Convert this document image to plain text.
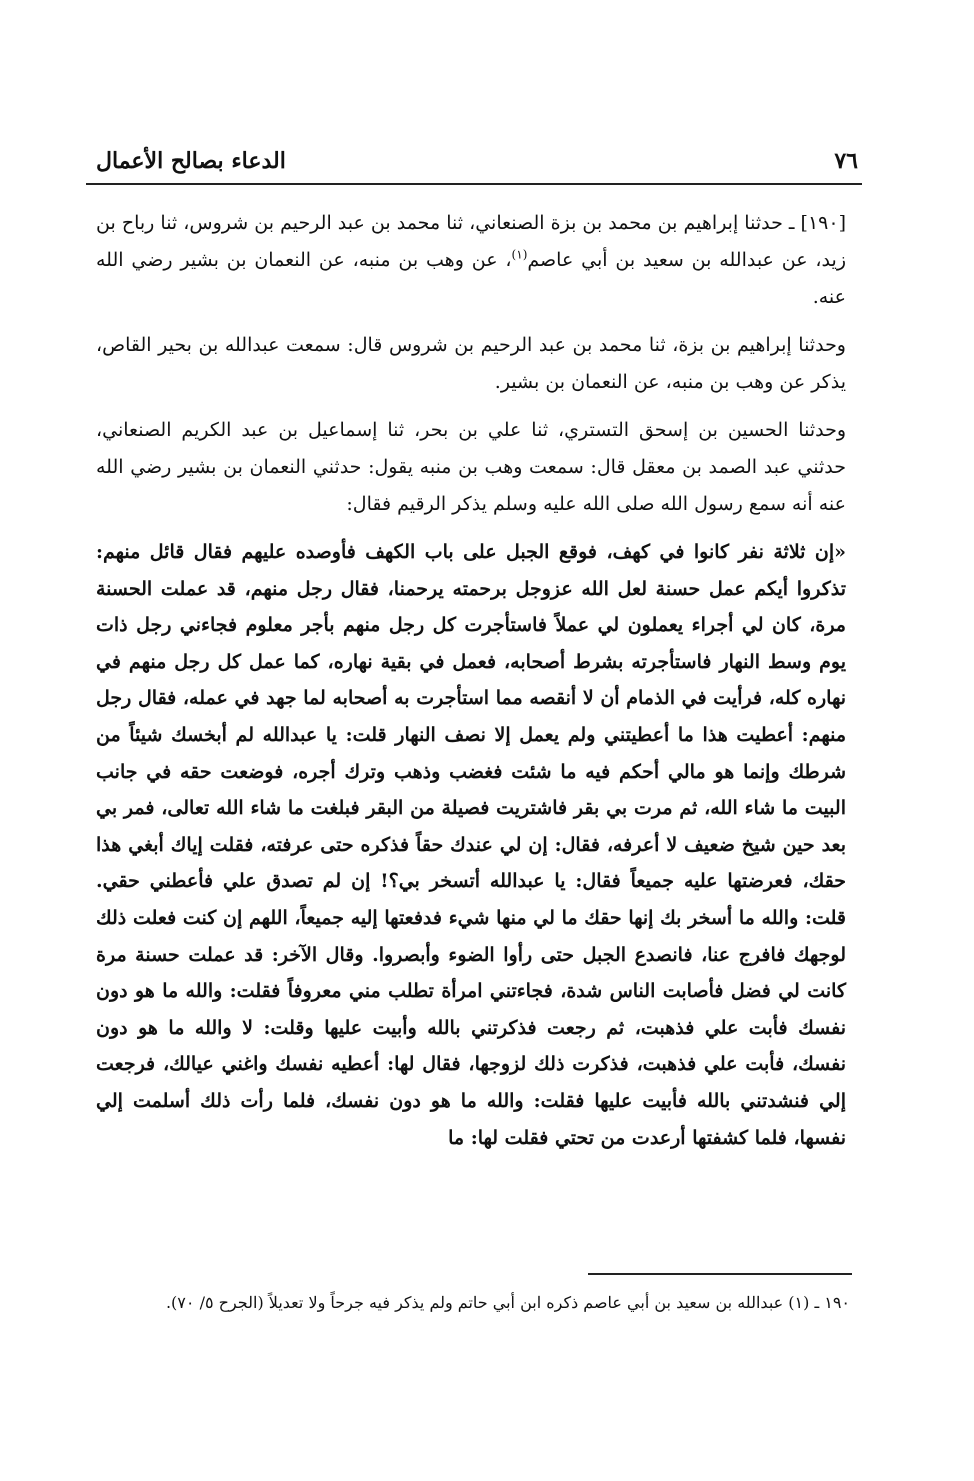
٧٦
الدعاء بصالح الأعمال

[١٩٠] ـ حدثنا إبراهيم بن محمد بن بزة الصنعاني، ثنا محمد بن عبد الرحيم بن شروس، ثنا رباح بن زيد، عن عبدالله بن سعيد بن أبي عاصم$^{(١)}$، عن وهب بن منبه، عن النعمان بن بشير رضي الله عنه.

وحدثنا إبراهيم بن بزة، ثنا محمد بن عبد الرحيم بن شروس قال: سمعت عبدالله بن بحير القاص، يذكر عن وهب بن منبه، عن النعمان بن بشير.

وحدثنا الحسين بن إسحق التستري، ثنا علي بن بحر، ثنا إسماعيل بن عبد الكريم الصنعاني، حدثني عبد الصمد بن معقل قال: سمعت وهب بن منبه يقول: حدثني النعمان بن بشير رضي الله عنه أنه سمع رسول الله صلى الله عليه وسلم يذكر الرقيم فقال:

«إن ثلاثة نفر كانوا في كهف، فوقع الجبل على باب الكهف فأوصده عليهم فقال قائل منهم: تذكروا أيكم عمل حسنة لعل الله عزوجل برحمته يرحمنا، فقال رجل منهم، قد عملت الحسنة مرة، كان لي أجراء يعملون لي عملاً فاستأجرت كل رجل منهم بأجر معلوم فجاءني رجل ذات يوم وسط النهار فاستأجرته بشرط أصحابه، فعمل في بقية نهاره، كما عمل كل رجل منهم في نهاره كله، فرأيت في الذمام أن لا أنقصه مما استأجرت به أصحابه لما جهد في عمله، فقال رجل منهم: أعطيت هذا ما أعطيتني ولم يعمل إلا نصف النهار قلت: يا عبدالله لم أبخسك شيئاً من شرطك وإنما هو مالي أحكم فيه ما شئت فغضب وذهب وترك أجره، فوضعت حقه في جانب البيت ما شاء الله، ثم مرت بي بقر فاشتريت فصيلة من البقر فبلغت ما شاء الله تعالى، فمر بي بعد حين شيخ ضعيف لا أعرفه، فقال: إن لي عندك حقاً فذكره حتى عرفته، فقلت إياك أبغي هذا حقك، فعرضتها عليه جميعاً فقال: يا عبدالله أتسخر بي؟! إن لم تصدق علي فأعطني حقي. قلت: والله ما أسخر بك إنها حقك ما لي منها شيء فدفعتها إليه جميعاً، اللهم إن كنت فعلت ذلك لوجهك فافرج عنا، فانصدع الجبل حتى رأوا الضوء وأبصروا. وقال الآخر: قد عملت حسنة مرة كانت لي فضل فأصابت الناس شدة، فجاءتني امرأة تطلب مني معروفاً فقلت: والله ما هو دون نفسك فأبت علي فذهبت، ثم رجعت فذكرتني بالله وأبيت عليها وقلت: لا والله ما هو دون نفسك، فأبت علي فذهبت، فذكرت ذلك لزوجها، فقال لها: أعطيه نفسك واغني عيالك، فرجعت إلي فنشدتني بالله فأبيت عليها فقلت: والله ما هو دون نفسك، فلما رأت ذلك أسلمت إلي نفسها، فلما كشفتها أرعدت من تحتي فقلت لها: ما

١٩٠ ـ (١) عبدالله بن سعيد بن أبي عاصم ذكره ابن أبي حاتم ولم يذكر فيه جرحاً ولا تعديلاً (الجرح ٥/ ٧٠).
